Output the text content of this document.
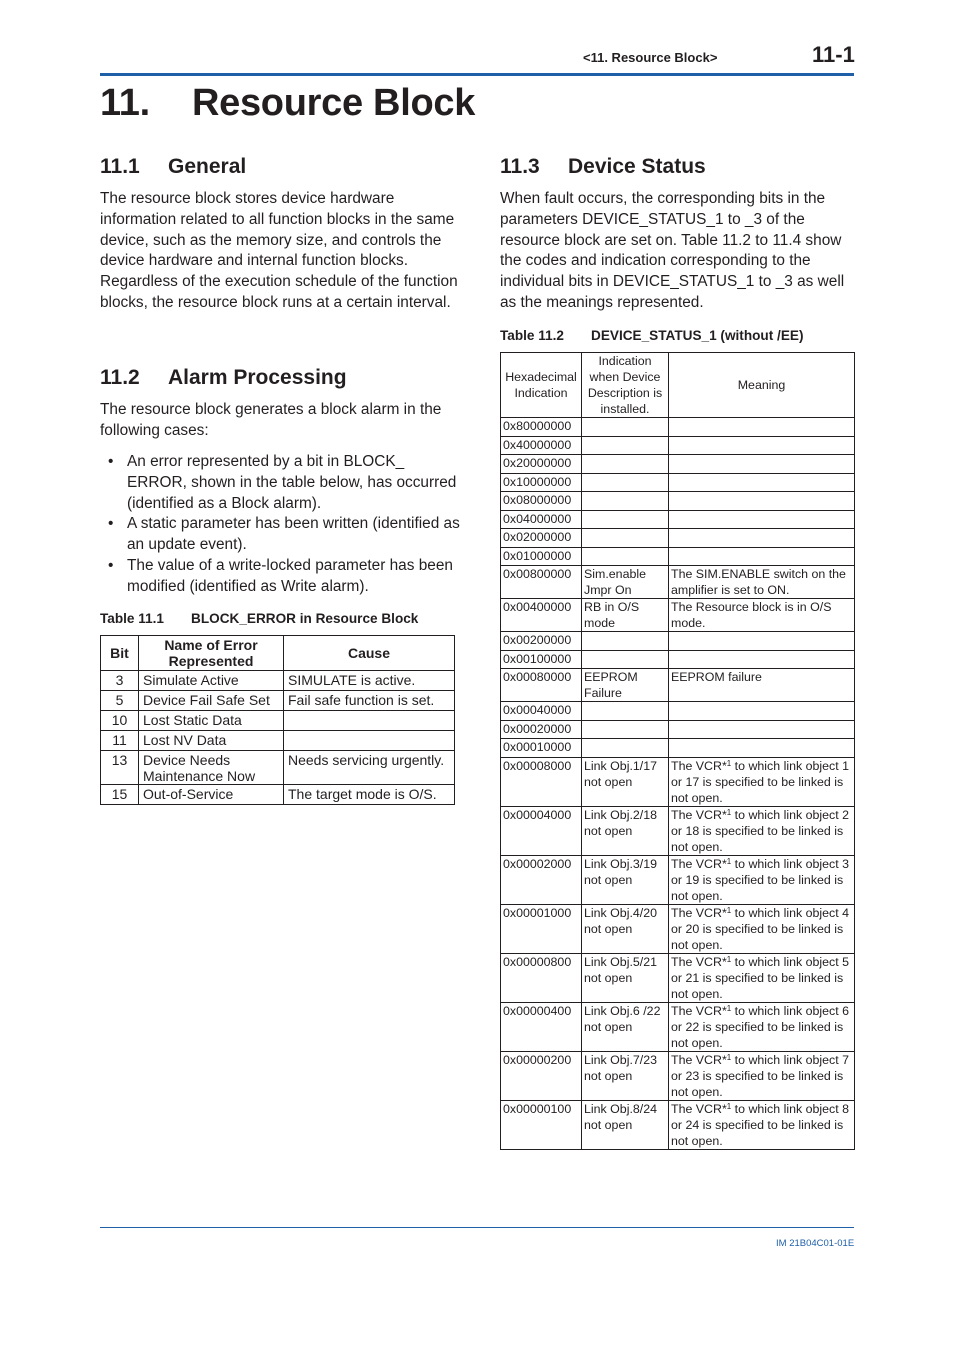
<11. Resource Block>	11-1
11. Resource Block
11.1 General

The resource block stores device hardware information related to all function blocks in the same device, such as the memory size, and controls the device hardware and internal function blocks. Regardless of the execution schedule of the function blocks, the resource block runs at a certain interval.

11.2 Alarm Processing

The resource block generates a block alarm in the following cases:

• An error represented by a bit in BLOCK_ ERROR, shown in the table below, has occurred (identified as a Block alarm).
• A static parameter has been written (identified as an update event).
• The value of a write-locked parameter has been modified (identified as Write alarm).
Table 11.1 BLOCK_ERROR in Resource Block
Bit	Name of Error Represented	Cause
3	Simulate Active	SIMULATE is active.
5	Device Fail Safe Set	Fail safe function is set.
10	Lost Static Data	
11	Lost NV Data	
13	Device Needs Maintenance Now	Needs servicing urgently.
15	Out-of-Service	The target mode is O/S.
11.3 Device Status

When fault occurs, the corresponding bits in the parameters DEVICE_STATUS_1 to _3 of the resource block are set on. Table 11.2 to 11.4 show the codes and indication corresponding to the individual bits in DEVICE_STATUS_1 to _3 as well as the meanings represented.

Table 11.2 DEVICE_STATUS_1 (without /EE)
Hexadecimal Indication	Indication when Device Description is installed.	Meaning
0x80000000		
0x40000000		
0x20000000		
0x10000000		
0x08000000		
0x04000000		
0x02000000		
0x01000000		
0x00800000	Sim.enable Jmpr On	The SIM.ENABLE switch on the amplifier is set to ON.
0x00400000	RB in O/S mode	The Resource block is in O/S mode.
0x00200000		
0x00100000		
0x00080000	EEPROM Failure	EEPROM failure
0x00040000		
0x00020000		
0x00010000		
0x00008000	Link Obj.1/17 not open	The VCR*$^1$ to which link object 1 or 17 is specified to be linked is not open.
0x00004000	Link Obj.2/18 not open	The VCR*$^1$ to which link object 2 or 18 is specified to be linked is not open.
0x00002000	Link Obj.3/19 not open	The VCR*$^1$ to which link object 3 or 19 is specified to be linked is not open.
0x00001000	Link Obj.4/20 not open	The VCR*$^1$ to which link object 4 or 20 is specified to be linked is not open.
0x00000800	Link Obj.5/21 not open	The VCR*$^1$ to which link object 5 or 21 is specified to be linked is not open.
0x00000400	Link Obj.6 /22 not open	The VCR*$^1$ to which link object 6 or 22 is specified to be linked is not open.
0x00000200	Link Obj.7/23 not open	The VCR*$^1$ to which link object 7 or 23 is specified to be linked is not open.
0x00000100	Link Obj.8/24 not open	The VCR*$^1$ to which link object 8 or 24 is specified to be linked is not open.
IM 21B04C01-01E
